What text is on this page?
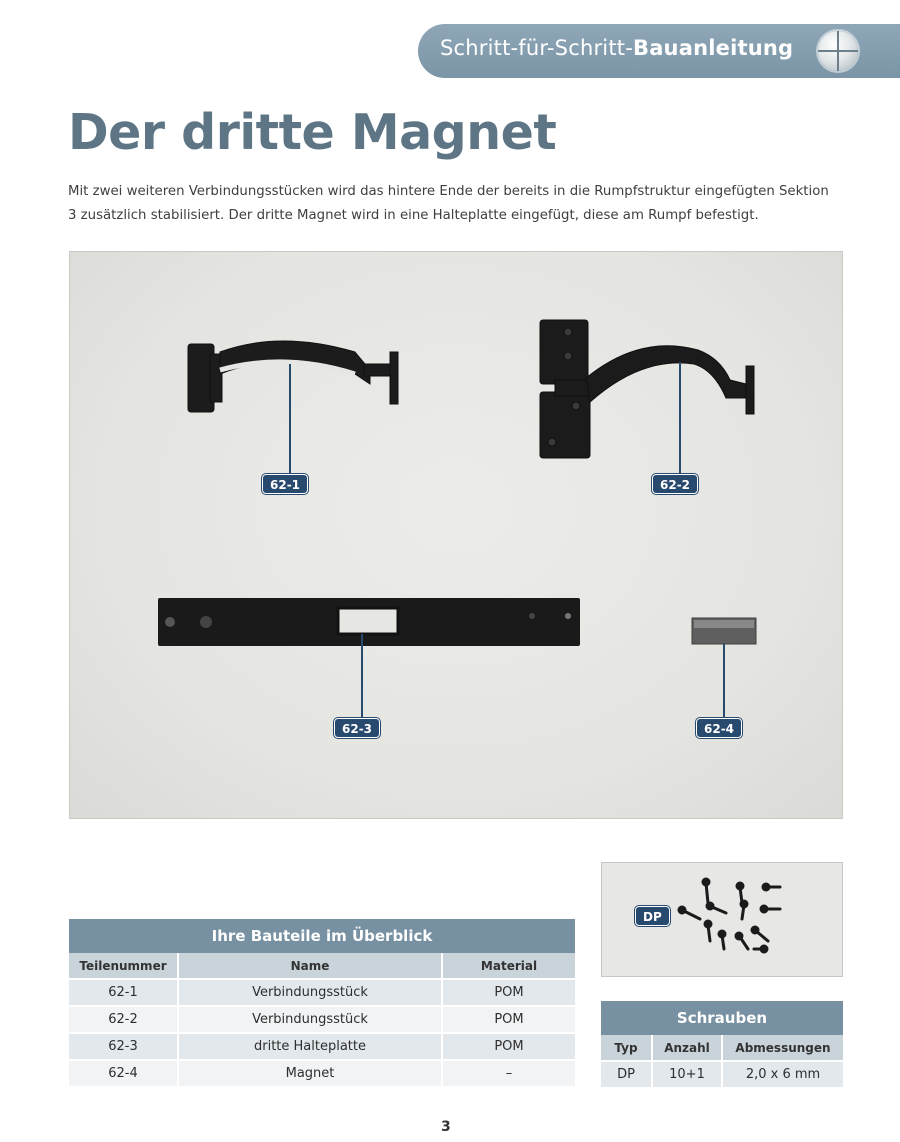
Schritt-für-Schritt-Bauanleitung
Der dritte Magnet

Mit zwei weiteren Verbindungsstücken wird das hintere Ende der bereits in die Rumpfstruktur eingefügten Sektion 3 zusätzlich stabilisiert. Der dritte Magnet wird in eine Halteplatte eingefügt, diese am Rumpf befestigt.

62-1	62-2
62-3	62-4
DP
Ihre Bauteile im Überblick		
Teilenummer	Name	Material
62-1	Verbindungsstück	POM
62-2	Verbindungsstück	POM
62-3	dritte Halteplatte	POM
62-4	Magnet	–
Schrauben		
Typ	Anzahl	Abmessungen
DP	10+1	2,0 x 6 mm
3
